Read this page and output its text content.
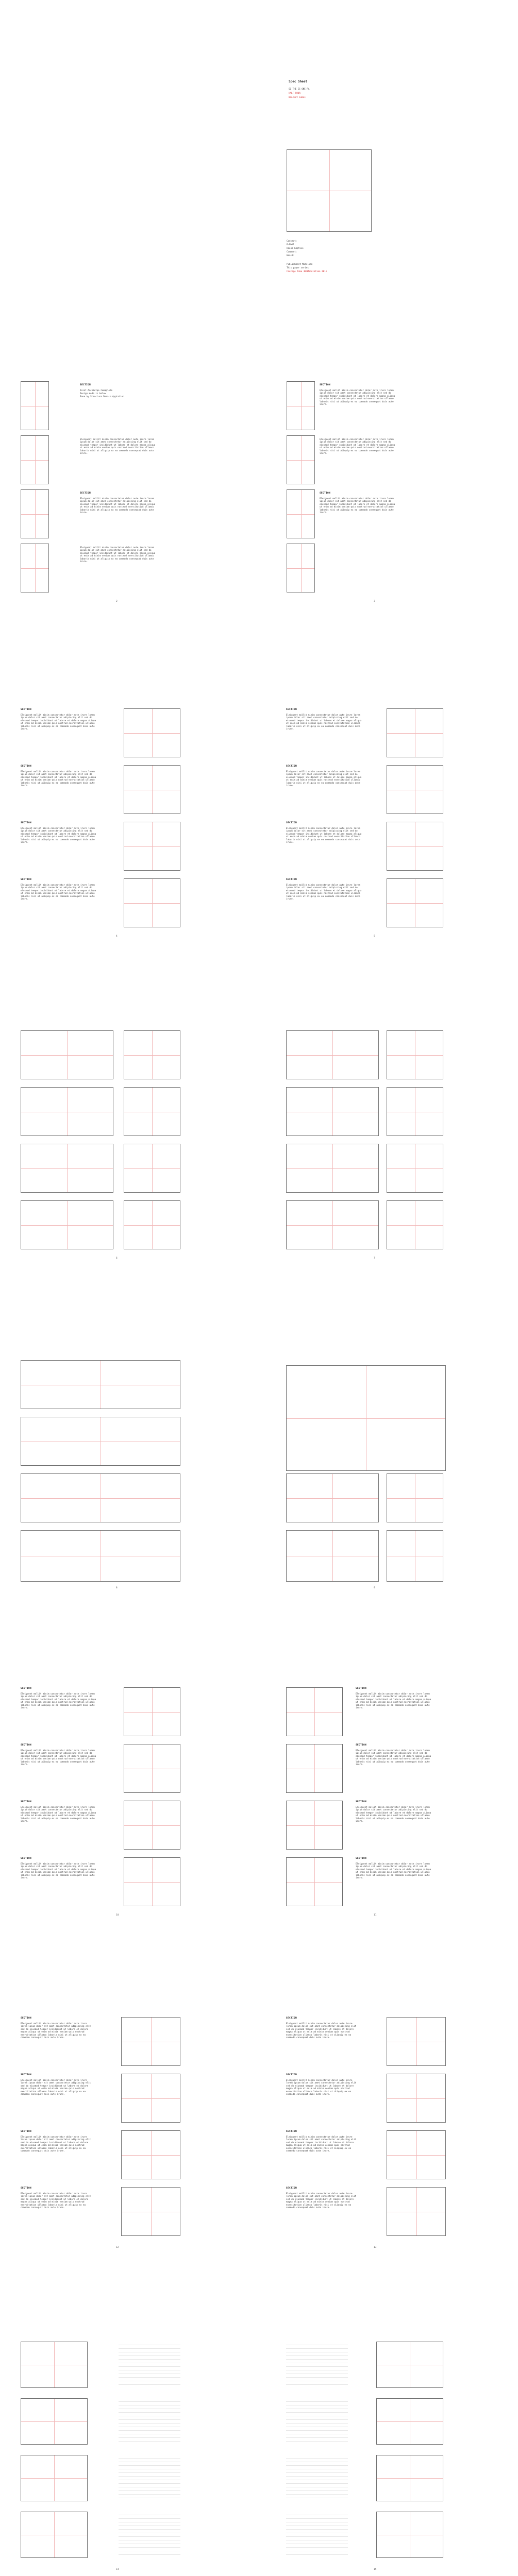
Spec Sheet
SO THE IS ONE RA
HALF FOUR
Bracket Cubes
Contact:
E-Mail:
Hooks Emptive
Comment:
Email:
Publishment Modellan
This paper series
Footage take 30%Modulation 2011
SECTION
Joint Archietpe Commplete
Design mode is below
Pone by Structure Domain Apptation
Eleiguent mollit minim consectetur dolor aute irure lorem ipsum dolor sit amet consectetur adipiscing elit sed do eiusmod tempor incididunt ut labore et dolore magna aliqua ut enim ad minim veniam quis nostrud exercitation ullamco laboris nisi ut aliquip ex ea commodo consequat duis aute irure.
SECTION
Eleiguent mollit minim consectetur dolor aute irure lorem ipsum dolor sit amet consectetur adipiscing elit sed do eiusmod tempor incididunt ut labore et dolore magna aliqua ut enim ad minim veniam quis nostrud exercitation ullamco laboris nisi ut aliquip ex ea commodo consequat duis aute irure.
Eleiguent mollit minim consectetur dolor aute irure lorem ipsum dolor sit amet consectetur adipiscing elit sed do eiusmod tempor incididunt ut labore et dolore magna aliqua ut enim ad minim veniam quis nostrud exercitation ullamco laboris nisi ut aliquip ex ea commodo consequat duis aute irure.
2
SECTION
Eleiguent mollit minim consectetur dolor aute irure lorem ipsum dolor sit amet consectetur adipiscing elit sed do eiusmod tempor incididunt ut labore et dolore magna aliqua ut enim ad minim veniam quis nostrud exercitation ullamco laboris nisi ut aliquip ex ea commodo consequat duis aute irure.
Eleiguent mollit minim consectetur dolor aute irure lorem ipsum dolor sit amet consectetur adipiscing elit sed do eiusmod tempor incididunt ut labore et dolore magna aliqua ut enim ad minim veniam quis nostrud exercitation ullamco laboris nisi ut aliquip ex ea commodo consequat duis aute irure.
SECTION
Eleiguent mollit minim consectetur dolor aute irure lorem ipsum dolor sit amet consectetur adipiscing elit sed do eiusmod tempor incididunt ut labore et dolore magna aliqua ut enim ad minim veniam quis nostrud exercitation ullamco laboris nisi ut aliquip ex ea commodo consequat duis aute irure.
3
SECTION
Eleiguent mollit minim consectetur dolor aute irure lorem ipsum dolor sit amet consectetur adipiscing elit sed do eiusmod tempor incididunt ut labore et dolore magna aliqua ut enim ad minim veniam quis nostrud exercitation ullamco laboris nisi ut aliquip ex ea commodo consequat duis aute irure.
SECTION
Eleiguent mollit minim consectetur dolor aute irure lorem ipsum dolor sit amet consectetur adipiscing elit sed do eiusmod tempor incididunt ut labore et dolore magna aliqua ut enim ad minim veniam quis nostrud exercitation ullamco laboris nisi ut aliquip ex ea commodo consequat duis aute irure.
SECTION
Eleiguent mollit minim consectetur dolor aute irure lorem ipsum dolor sit amet consectetur adipiscing elit sed do eiusmod tempor incididunt ut labore et dolore magna aliqua ut enim ad minim veniam quis nostrud exercitation ullamco laboris nisi ut aliquip ex ea commodo consequat duis aute irure.
SECTION
Eleiguent mollit minim consectetur dolor aute irure lorem ipsum dolor sit amet consectetur adipiscing elit sed do eiusmod tempor incididunt ut labore et dolore magna aliqua ut enim ad minim veniam quis nostrud exercitation ullamco laboris nisi ut aliquip ex ea commodo consequat duis aute irure.
SECTION
Eleiguent mollit minim consectetur dolor aute irure lorem ipsum dolor sit amet consectetur adipiscing elit sed do eiusmod tempor incididunt ut labore et dolore magna aliqua ut enim ad minim veniam quis nostrud exercitation ullamco laboris nisi ut aliquip ex ea commodo consequat duis aute irure.
SECTION
Eleiguent mollit minim consectetur dolor aute irure lorem ipsum dolor sit amet consectetur adipiscing elit sed do eiusmod tempor incididunt ut labore et dolore magna aliqua ut enim ad minim veniam quis nostrud exercitation ullamco laboris nisi ut aliquip ex ea commodo consequat duis aute irure.
SECTION
Eleiguent mollit minim consectetur dolor aute irure lorem ipsum dolor sit amet consectetur adipiscing elit sed do eiusmod tempor incididunt ut labore et dolore magna aliqua ut enim ad minim veniam quis nostrud exercitation ullamco laboris nisi ut aliquip ex ea commodo consequat duis aute irure.
SECTION
Eleiguent mollit minim consectetur dolor aute irure lorem ipsum dolor sit amet consectetur adipiscing elit sed do eiusmod tempor incididunt ut labore et dolore magna aliqua ut enim ad minim veniam quis nostrud exercitation ullamco laboris nisi ut aliquip ex ea commodo consequat duis aute irure.
4	5
6	7
8	9
SECTION
Eleiguent mollit minim consectetur dolor aute irure lorem ipsum dolor sit amet consectetur adipiscing elit sed do eiusmod tempor incididunt ut labore et dolore magna aliqua ut enim ad minim veniam quis nostrud exercitation ullamco laboris nisi ut aliquip ex ea commodo consequat duis aute irure.
SECTION
Eleiguent mollit minim consectetur dolor aute irure lorem ipsum dolor sit amet consectetur adipiscing elit sed do eiusmod tempor incididunt ut labore et dolore magna aliqua ut enim ad minim veniam quis nostrud exercitation ullamco laboris nisi ut aliquip ex ea commodo consequat duis aute irure.
SECTION
Eleiguent mollit minim consectetur dolor aute irure lorem ipsum dolor sit amet consectetur adipiscing elit sed do eiusmod tempor incididunt ut labore et dolore magna aliqua ut enim ad minim veniam quis nostrud exercitation ullamco laboris nisi ut aliquip ex ea commodo consequat duis aute irure.
SECTION
Eleiguent mollit minim consectetur dolor aute irure lorem ipsum dolor sit amet consectetur adipiscing elit sed do eiusmod tempor incididunt ut labore et dolore magna aliqua ut enim ad minim veniam quis nostrud exercitation ullamco laboris nisi ut aliquip ex ea commodo consequat duis aute irure.
SECTION
Eleiguent mollit minim consectetur dolor aute irure lorem ipsum dolor sit amet consectetur adipiscing elit sed do eiusmod tempor incididunt ut labore et dolore magna aliqua ut enim ad minim veniam quis nostrud exercitation ullamco laboris nisi ut aliquip ex ea commodo consequat duis aute irure.
SECTION
Eleiguent mollit minim consectetur dolor aute irure lorem ipsum dolor sit amet consectetur adipiscing elit sed do eiusmod tempor incididunt ut labore et dolore magna aliqua ut enim ad minim veniam quis nostrud exercitation ullamco laboris nisi ut aliquip ex ea commodo consequat duis aute irure.
SECTION
Eleiguent mollit minim consectetur dolor aute irure lorem ipsum dolor sit amet consectetur adipiscing elit sed do eiusmod tempor incididunt ut labore et dolore magna aliqua ut enim ad minim veniam quis nostrud exercitation ullamco laboris nisi ut aliquip ex ea commodo consequat duis aute irure.
SECTION
Eleiguent mollit minim consectetur dolor aute irure lorem ipsum dolor sit amet consectetur adipiscing elit sed do eiusmod tempor incididunt ut labore et dolore magna aliqua ut enim ad minim veniam quis nostrud exercitation ullamco laboris nisi ut aliquip ex ea commodo consequat duis aute irure.
10	11
SECTION
Eleiguent mollit minim consectetur dolor aute irure lorem ipsum dolor sit amet consectetur adipiscing elit sed do eiusmod tempor incididunt ut labore et dolore magna aliqua ut enim ad minim veniam quis nostrud exercitation ullamco laboris nisi ut aliquip ex ea commodo consequat duis aute irure.
SECTION
Eleiguent mollit minim consectetur dolor aute irure lorem ipsum dolor sit amet consectetur adipiscing elit sed do eiusmod tempor incididunt ut labore et dolore magna aliqua ut enim ad minim veniam quis nostrud exercitation ullamco laboris nisi ut aliquip ex ea commodo consequat duis aute irure.
SECTION
Eleiguent mollit minim consectetur dolor aute irure lorem ipsum dolor sit amet consectetur adipiscing elit sed do eiusmod tempor incididunt ut labore et dolore magna aliqua ut enim ad minim veniam quis nostrud exercitation ullamco laboris nisi ut aliquip ex ea commodo consequat duis aute irure.
SECTION
Eleiguent mollit minim consectetur dolor aute irure lorem ipsum dolor sit amet consectetur adipiscing elit sed do eiusmod tempor incididunt ut labore et dolore magna aliqua ut enim ad minim veniam quis nostrud exercitation ullamco laboris nisi ut aliquip ex ea commodo consequat duis aute irure.
SECTION
Eleiguent mollit minim consectetur dolor aute irure lorem ipsum dolor sit amet consectetur adipiscing elit sed do eiusmod tempor incididunt ut labore et dolore magna aliqua ut enim ad minim veniam quis nostrud exercitation ullamco laboris nisi ut aliquip ex ea commodo consequat duis aute irure.
SECTION
Eleiguent mollit minim consectetur dolor aute irure lorem ipsum dolor sit amet consectetur adipiscing elit sed do eiusmod tempor incididunt ut labore et dolore magna aliqua ut enim ad minim veniam quis nostrud exercitation ullamco laboris nisi ut aliquip ex ea commodo consequat duis aute irure.
SECTION
Eleiguent mollit minim consectetur dolor aute irure lorem ipsum dolor sit amet consectetur adipiscing elit sed do eiusmod tempor incididunt ut labore et dolore magna aliqua ut enim ad minim veniam quis nostrud exercitation ullamco laboris nisi ut aliquip ex ea commodo consequat duis aute irure.
SECTION
Eleiguent mollit minim consectetur dolor aute irure lorem ipsum dolor sit amet consectetur adipiscing elit sed do eiusmod tempor incididunt ut labore et dolore magna aliqua ut enim ad minim veniam quis nostrud exercitation ullamco laboris nisi ut aliquip ex ea commodo consequat duis aute irure.
12	13
14	15
